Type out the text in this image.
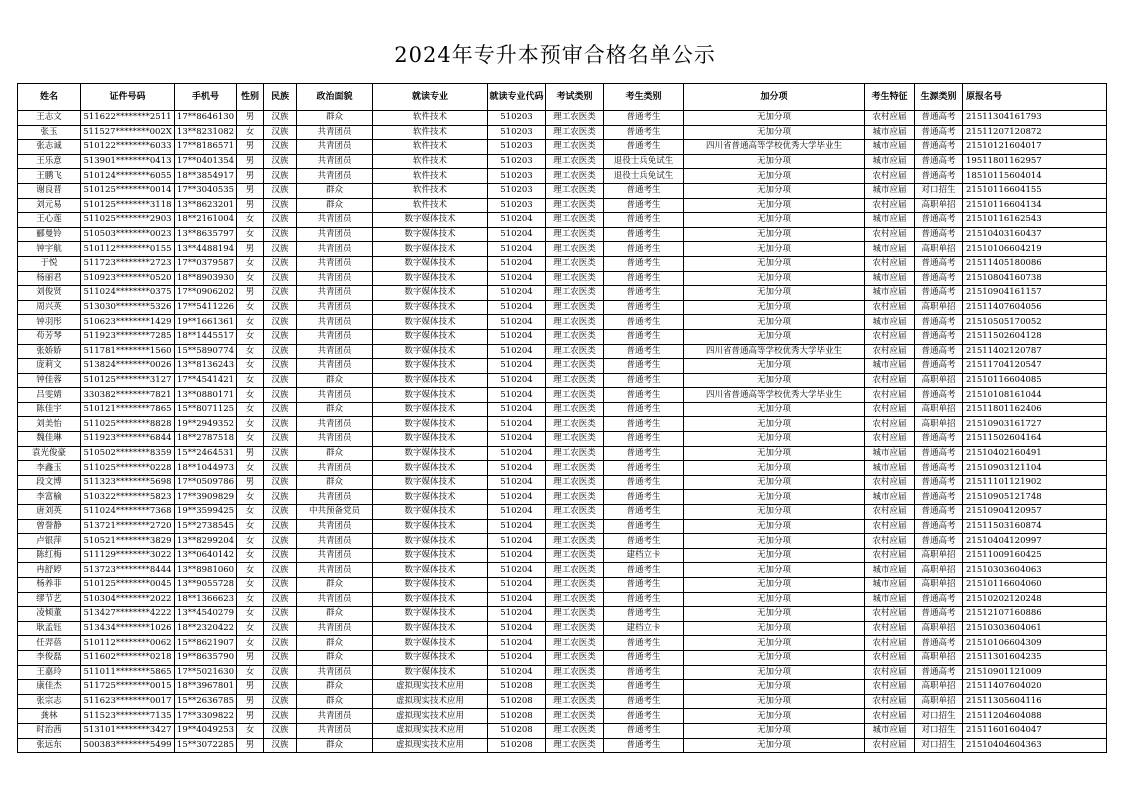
2024年专升本预审合格名单公示
姓名	证件号码	手机号	性别	民族	政治面貌	就读专业	就读专业代码	考试类别	考生类别	加分项	考生特征	生源类别	原报名号
王志文	511622********2511	17**8646130	男	汉族	群众	软件技术	510203	理工农医类	普通考生	无加分项	农村应届	普通高考	21511304161793
张玉	511527********002X	13**8231082	女	汉族	共青团员	软件技术	510203	理工农医类	普通考生	无加分项	城市应届	普通高考	21511207120872
张志诚	510122********6033	17**8186571	男	汉族	共青团员	软件技术	510203	理工农医类	普通考生	四川省普通高等学校优秀大学毕业生	城市应届	普通高考	21510121604017
王乐意	513901********0413	17**0401354	男	汉族	共青团员	软件技术	510203	理工农医类	退役士兵免试生	无加分项	城市应届	普通高考	19511801162957
王鹏飞	510124********6055	18**3854917	男	汉族	共青团员	软件技术	510203	理工农医类	退役士兵免试生	无加分项	农村应届	普通高考	18510115604014
谢良晋	510125********0014	17**3040535	男	汉族	群众	软件技术	510203	理工农医类	普通考生	无加分项	城市应届	对口招生	21510116604155
刘元易	510125********3118	13**8623201	男	汉族	群众	软件技术	510203	理工农医类	普通考生	无加分项	农村应届	高职单招	21510116604134
王心莲	511025********2903	18**2161004	女	汉族	共青团员	数字媒体技术	510204	理工农医类	普通考生	无加分项	城市应届	普通高考	21510116162543
郦曼铃	510503********0023	13**8635797	女	汉族	共青团员	数字媒体技术	510204	理工农医类	普通考生	无加分项	农村应届	普通高考	21510403160437
钟宇航	510112********0155	13**4488194	男	汉族	共青团员	数字媒体技术	510204	理工农医类	普通考生	无加分项	城市应届	高职单招	21510106604219
于悦	511723********2723	17**0379587	女	汉族	共青团员	数字媒体技术	510204	理工农医类	普通考生	无加分项	农村应届	普通高考	21511405180086
杨丽君	510923********0520	18**8903930	女	汉族	共青团员	数字媒体技术	510204	理工农医类	普通考生	无加分项	城市应届	普通高考	21510804160738
刘俊贤	511024********0375	17**0906202	男	汉族	共青团员	数字媒体技术	510204	理工农医类	普通考生	无加分项	城市应届	普通高考	21510904161157
周兴英	513030********5326	17**5411226	女	汉族	共青团员	数字媒体技术	510204	理工农医类	普通考生	无加分项	农村应届	高职单招	21511407604056
钟羽彤	510623********1429	19**1661361	女	汉族	共青团员	数字媒体技术	510204	理工农医类	普通考生	无加分项	城市应届	普通高考	21510505170052
苟芳琴	511923********7285	18**1445517	女	汉族	共青团员	数字媒体技术	510204	理工农医类	普通考生	无加分项	农村应届	普通高考	21511502604128
张娇娇	511781********1560	15**5890774	女	汉族	共青团员	数字媒体技术	510204	理工农医类	普通考生	四川省普通高等学校优秀大学毕业生	农村应届	普通高考	21511402120787
庞莉文	513824********0026	13**8136243	女	汉族	共青团员	数字媒体技术	510204	理工农医类	普通考生	无加分项	城市应届	普通高考	21511704120547
钟佳蓉	510125********3127	17**4541421	女	汉族	群众	数字媒体技术	510204	理工农医类	普通考生	无加分项	农村应届	高职单招	21510116604085
吕雯婧	330382********7821	13**0880171	女	汉族	共青团员	数字媒体技术	510204	理工农医类	普通考生	四川省普通高等学校优秀大学毕业生	农村应届	普通高考	21510108161044
陈佳宇	510121********7865	15**8071125	女	汉族	群众	数字媒体技术	510204	理工农医类	普通考生	无加分项	农村应届	高职单招	21511801162406
刘美怡	511025********8828	19**2949352	女	汉族	共青团员	数字媒体技术	510204	理工农医类	普通考生	无加分项	农村应届	高职单招	21510903161727
魏佳琳	511923********6844	18**2787518	女	汉族	共青团员	数字媒体技术	510204	理工农医类	普通考生	无加分项	农村应届	普通高考	21511502604164
袁光俊豪	510502********8359	15**2464531	男	汉族	群众	数字媒体技术	510204	理工农医类	普通考生	无加分项	城市应届	普通高考	21510402160491
李鑫玉	511025********0228	18**1044973	女	汉族	共青团员	数字媒体技术	510204	理工农医类	普通考生	无加分项	城市应届	普通高考	21510903121104
段文博	511323********5698	17**0509786	男	汉族	群众	数字媒体技术	510204	理工农医类	普通考生	无加分项	农村应届	普通高考	21511101121902
李富榆	510322********5823	17**3909829	女	汉族	共青团员	数字媒体技术	510204	理工农医类	普通考生	无加分项	城市应届	普通高考	21510905121748
唐刘英	511024********7368	19**3599425	女	汉族	中共预备党员	数字媒体技术	510204	理工农医类	普通考生	无加分项	农村应届	普通高考	21510904120957
曾誉静	513721********2720	15**2738545	女	汉族	共青团员	数字媒体技术	510204	理工农医类	普通考生	无加分项	农村应届	普通高考	21511503160874
卢银萍	510521********3829	13**8299204	女	汉族	共青团员	数字媒体技术	510204	理工农医类	普通考生	无加分项	农村应届	普通高考	21510404120997
陈红梅	511129********3022	13**0640142	女	汉族	共青团员	数字媒体技术	510204	理工农医类	建档立卡	无加分项	农村应届	高职单招	21511009160425
冉舒婷	513723********8444	13**8981060	女	汉族	共青团员	数字媒体技术	510204	理工农医类	普通考生	无加分项	城市应届	高职单招	21510303604063
杨养菲	510125********0045	13**9055728	女	汉族	群众	数字媒体技术	510204	理工农医类	普通考生	无加分项	城市应届	高职单招	21510116604060
缪节艺	510304********2022	18**1366623	女	汉族	共青团员	数字媒体技术	510204	理工农医类	普通考生	无加分项	城市应届	普通高考	21510202120248
凌倾董	513427********4222	13**4540279	女	汉族	群众	数字媒体技术	510204	理工农医类	普通考生	无加分项	农村应届	普通高考	21512107160886
耿孟钰	513434********1026	18**2320422	女	汉族	共青团员	数字媒体技术	510204	理工农医类	建档立卡	无加分项	农村应届	高职单招	21510303604061
任羿蓓	510112********0062	15**8621907	女	汉族	群众	数字媒体技术	510204	理工农医类	普通考生	无加分项	农村应届	普通高考	21510106604309
李俊磊	511602********0218	19**8635790	男	汉族	群众	数字媒体技术	510204	理工农医类	普通考生	无加分项	农村应届	高职单招	21511301604235
王嘉玲	511011********5865	17**5021630	女	汉族	共青团员	数字媒体技术	510204	理工农医类	普通考生	无加分项	农村应届	普通高考	21510901121009
康佳杰	511725********0015	18**3967801	男	汉族	群众	虚拟现实技术应用	510208	理工农医类	普通考生	无加分项	农村应届	高职单招	21511407604020
张宗志	511623********0017	15**2636785	男	汉族	群众	虚拟现实技术应用	510208	理工农医类	普通考生	无加分项	农村应届	高职单招	21511305604116
龚林	511523********7135	17**3309822	男	汉族	共青团员	虚拟现实技术应用	510208	理工农医类	普通考生	无加分项	农村应届	对口招生	21511204604088
时治茜	513101********3427	19**4049253	女	汉族	共青团员	虚拟现实技术应用	510208	理工农医类	普通考生	无加分项	城市应届	对口招生	21511601604047
张远东	500383********5499	15**3072285	男	汉族	群众	虚拟现实技术应用	510208	理工农医类	普通考生	无加分项	农村应届	对口招生	21510404604363
